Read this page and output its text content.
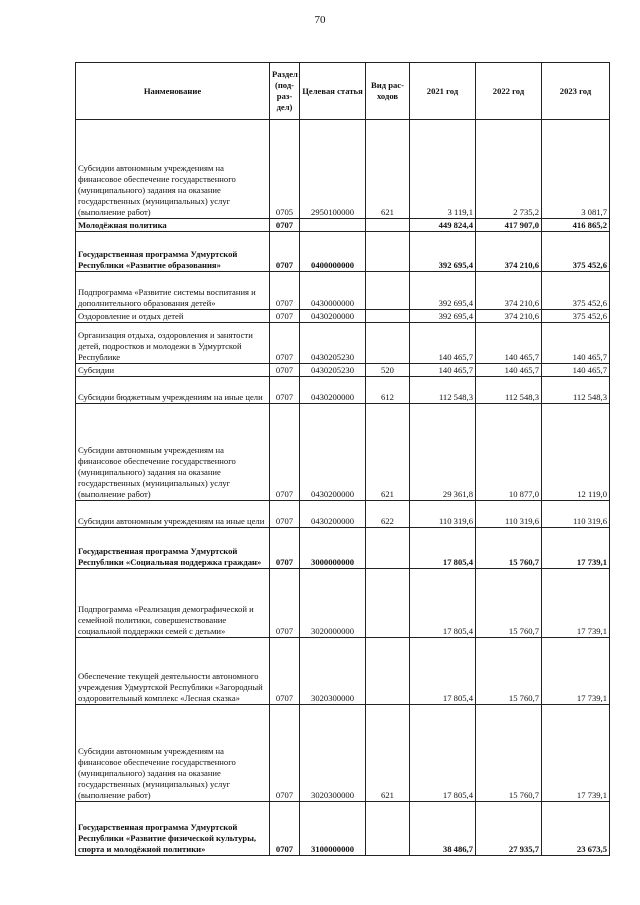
70
Наименование	Раздел (под- раз- дел)	Целевая статья	Вид рас- ходов	2021 год	2022 год	2023 год
Субсидии автономным учреждениям на финансовое обеспечение государственного (муниципального) задания на оказание государственных (муниципальных) услуг (выполнение работ)	0705	2950100000	621	3 119,1	2 735,2	3 081,7
Молодёжная политика	0707			449 824,4	417 907,0	416 865,2
Государственная программа Удмуртской Республики «Развитие образования»	0707	0400000000		392 695,4	374 210,6	375 452,6
Подпрограмма «Развитие системы воспитания и дополнительного образования детей»	0707	0430000000		392 695,4	374 210,6	375 452,6
Оздоровление и отдых детей	0707	0430200000		392 695,4	374 210,6	375 452,6
Организация отдыха, оздоровления и занятости детей, подростков и молодежи в Удмуртской Республике	0707	0430205230		140 465,7	140 465,7	140 465,7
Субсидии	0707	0430205230	520	140 465,7	140 465,7	140 465,7
Субсидии бюджетным учреждениям на иные цели	0707	0430200000	612	112 548,3	112 548,3	112 548,3
Субсидии автономным учреждениям на финансовое обеспечение государственного (муниципального) задания на оказание государственных (муниципальных) услуг (выполнение работ)	0707	0430200000	621	29 361,8	10 877,0	12 119,0
Субсидии автономным учреждениям на иные цели	0707	0430200000	622	110 319,6	110 319,6	110 319,6
Государственная программа Удмуртской Республики «Социальная поддержка граждан»	0707	3000000000		17 805,4	15 760,7	17 739,1
Подпрограмма «Реализация демографической и семейной политики, совершенствование социальной поддержки семей с детьми»	0707	3020000000		17 805,4	15 760,7	17 739,1
Обеспечение текущей деятельности автономного учреждения Удмуртской Республики «Загородный оздоровительный комплекс «Лесная сказка»	0707	3020300000		17 805,4	15 760,7	17 739,1
Субсидии автономным учреждениям на финансовое обеспечение государственного (муниципального) задания на оказание государственных (муниципальных) услуг (выполнение работ)	0707	3020300000	621	17 805,4	15 760,7	17 739,1
Государственная программа Удмуртской Республики «Развитие физической культуры, спорта и молодёжной политики»	0707	3100000000		38 486,7	27 935,7	23 673,5
